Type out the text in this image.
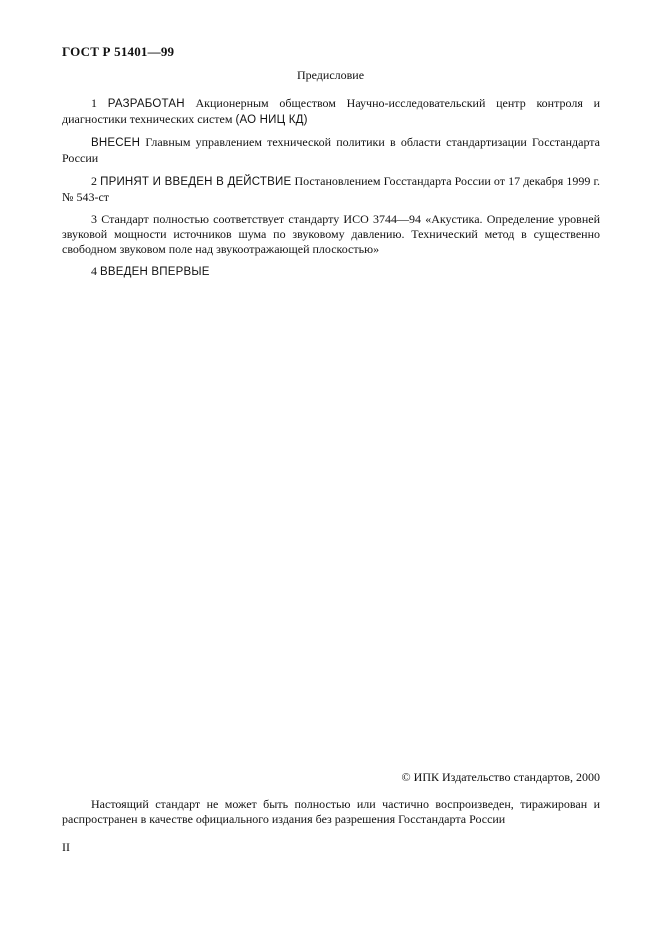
ГОСТ Р 51401—99
Предисловие

1 РАЗРАБОТАН Акционерным обществом Научно-исследовательский центр контроля и диагностики технических систем (АО НИЦ КД)

ВНЕСЕН Главным управлением технической политики в области стандартизации Госстандарта России

2 ПРИНЯТ И ВВЕДЕН В ДЕЙСТВИЕ Постановлением Госстандарта России от 17 декабря 1999 г. № 543-ст

3 Стандарт полностью соответствует стандарту ИСО 3744—94 «Акустика. Определение уровней звуковой мощности источников шума по звуковому давлению. Технический метод в существенно свободном звуковом поле над звукоотражающей плоскостью»

4 ВВЕДЕН ВПЕРВЫЕ

© ИПК Издательство стандартов, 2000

Настоящий стандарт не может быть полностью или частично воспроизведен, тиражирован и распространен в качестве официального издания без разрешения Госстандарта России

II
